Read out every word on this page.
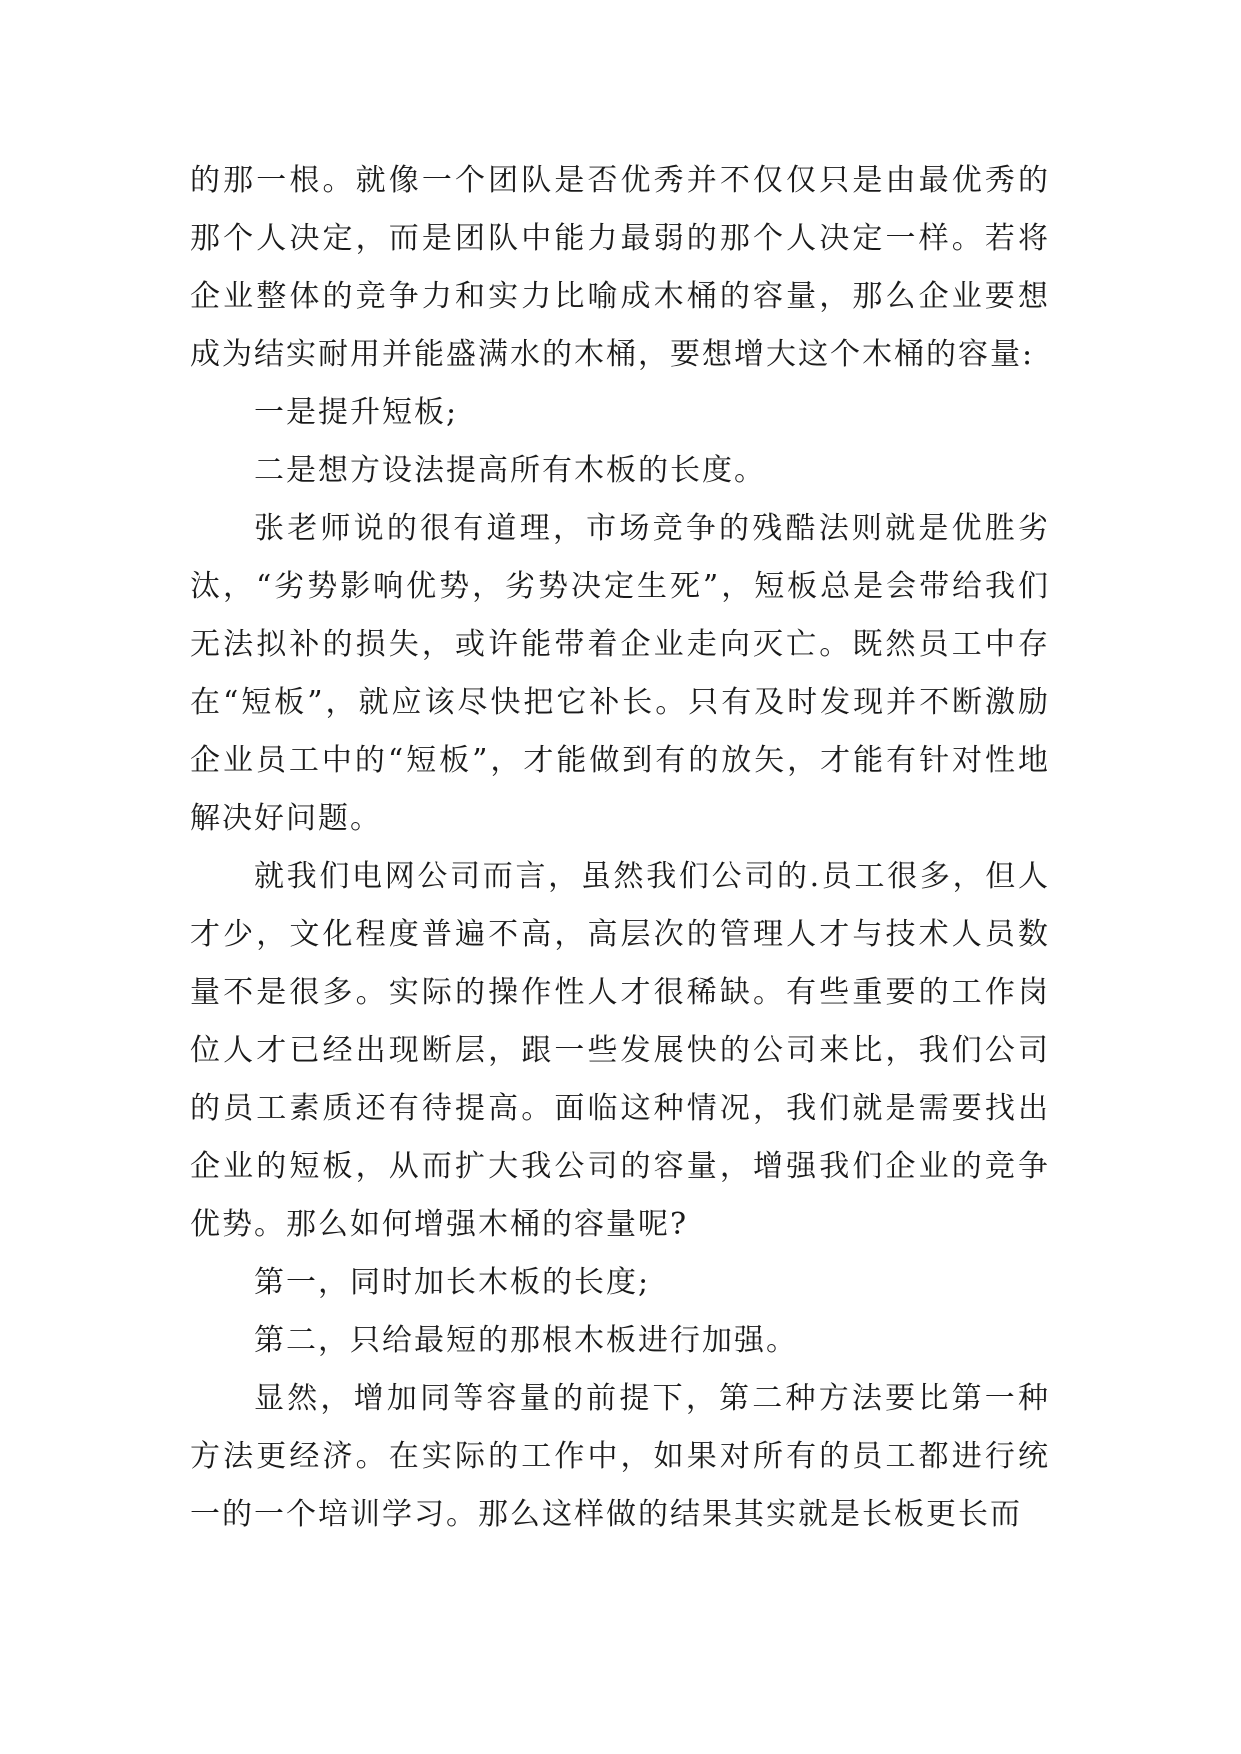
的那一根。就像一个团队是否优秀并不仅仅只是由最优秀的那个人决定，而是团队中能力最弱的那个人决定一样。若将企业整体的竞争力和实力比喻成木桶的容量，那么企业要想成为结实耐用并能盛满水的木桶，要想增大这个木桶的容量:

一是提升短板;

二是想方设法提高所有木板的长度。

张老师说的很有道理，市场竞争的残酷法则就是优胜劣汰，“劣势影响优势，劣势决定生死”，短板总是会带给我们无法拟补的损失，或许能带着企业走向灭亡。既然员工中存在“短板”，就应该尽快把它补长。只有及时发现并不断激励企业员工中的“短板”，才能做到有的放矢，才能有针对性地解决好问题。

就我们电网公司而言，虽然我们公司的.员工很多，但人才少，文化程度普遍不高，高层次的管理人才与技术人员数量不是很多。实际的操作性人才很稀缺。有些重要的工作岗位人才已经出现断层，跟一些发展快的公司来比，我们公司的员工素质还有待提高。面临这种情况，我们就是需要找出企业的短板，从而扩大我公司的容量，增强我们企业的竞争优势。那么如何增强木桶的容量呢?

第一，同时加长木板的长度;

第二，只给最短的那根木板进行加强。

显然，增加同等容量的前提下，第二种方法要比第一种方法更经济。在实际的工作中，如果对所有的员工都进行统一的一个培训学习。那么这样做的结果其实就是长板更长而
